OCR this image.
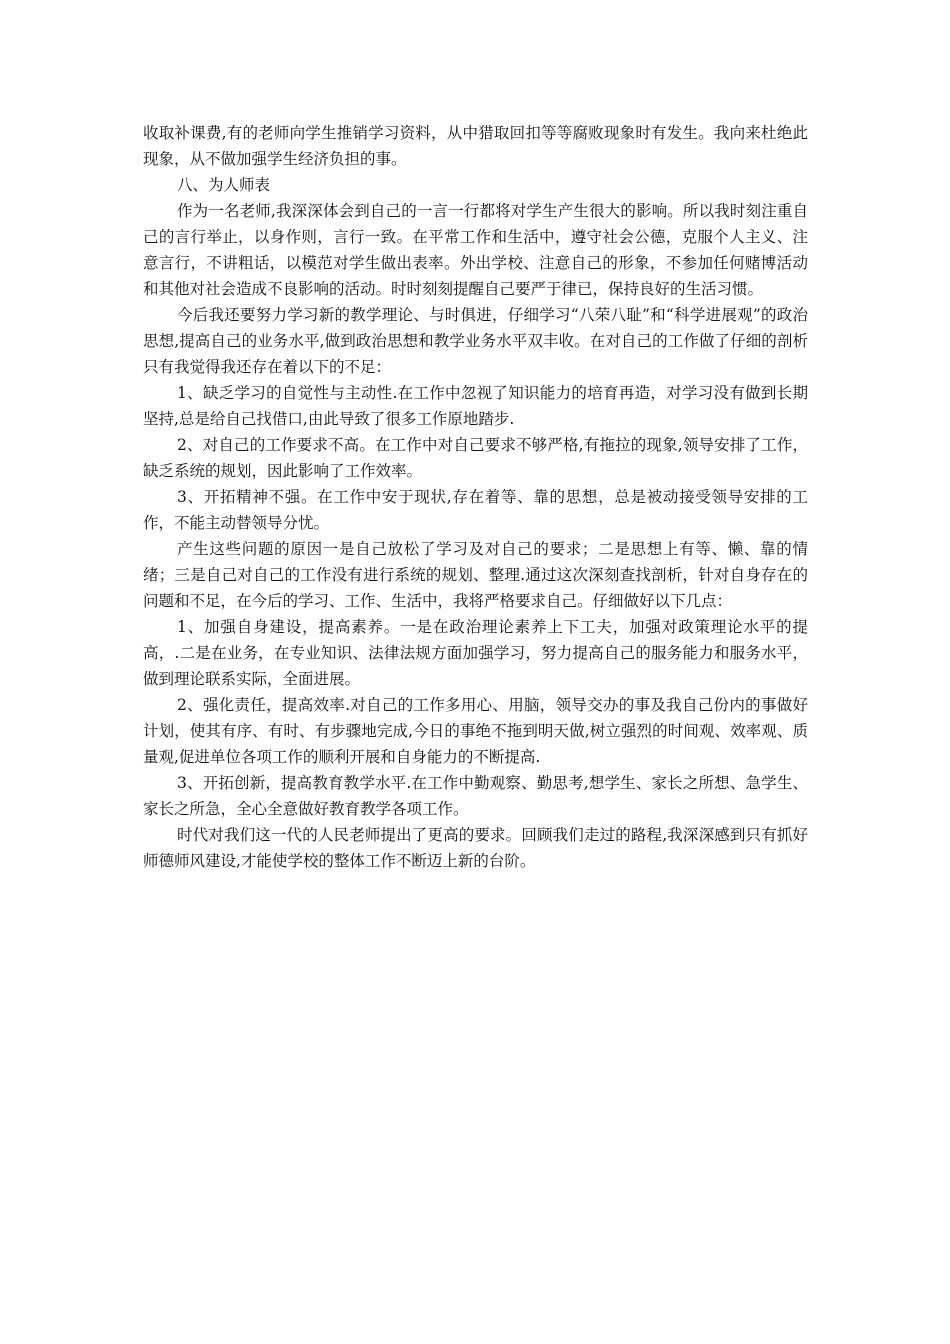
收取补课费,有的老师向学生推销学习资料，从中猎取回扣等等腐败现象时有发生。我向来杜绝此现象，从不做加强学生经济负担的事。

八、为人师表

作为一名老师,我深深体会到自己的一言一行都将对学生产生很大的影响。所以我时刻注重自己的言行举止，以身作则，言行一致。在平常工作和生活中，遵守社会公德，克服个人主义、注意言行，不讲粗话，以模范对学生做出表率。外出学校、注意自己的形象，不参加任何赌博活动和其他对社会造成不良影响的活动。时时刻刻提醒自己要严于律已，保持良好的生活习惯。

今后我还要努力学习新的教学理论、与时俱进，仔细学习“八荣八耻”和“科学进展观”的政治思想,提高自己的业务水平,做到政治思想和教学业务水平双丰收。在对自己的工作做了仔细的剖析只有我觉得我还存在着以下的不足：

1、缺乏学习的自觉性与主动性.在工作中忽视了知识能力的培育再造，对学习没有做到长期坚持,总是给自己找借口,由此导致了很多工作原地踏步.

2、对自己的工作要求不高。在工作中对自己要求不够严格,有拖拉的现象,领导安排了工作，缺乏系统的规划，因此影响了工作效率。

3、开拓精神不强。在工作中安于现状,存在着等、靠的思想，总是被动接受领导安排的工作，不能主动替领导分忧。

产生这些问题的原因一是自己放松了学习及对自己的要求；二是思想上有等、懒、靠的情绪；三是自己对自己的工作没有进行系统的规划、整理.通过这次深刻查找剖析，针对自身存在的问题和不足，在今后的学习、工作、生活中，我将严格要求自己。仔细做好以下几点：

1、加强自身建设，提高素养。一是在政治理论素养上下工夫，加强对政策理论水平的提高，.二是在业务，在专业知识、法律法规方面加强学习，努力提高自己的服务能力和服务水平，做到理论联系实际，全面进展。

2、强化责任，提高效率.对自己的工作多用心、用脑，领导交办的事及我自己份内的事做好计划，使其有序、有时、有步骤地完成,今日的事绝不拖到明天做,树立强烈的时间观、效率观、质量观,促进单位各项工作的顺利开展和自身能力的不断提高.

3、开拓创新，提高教育教学水平.在工作中勤观察、勤思考,想学生、家长之所想、急学生、家长之所急，全心全意做好教育教学各项工作。

时代对我们这一代的人民老师提出了更高的要求。回顾我们走过的路程,我深深感到只有抓好师德师风建设,才能使学校的整体工作不断迈上新的台阶。
